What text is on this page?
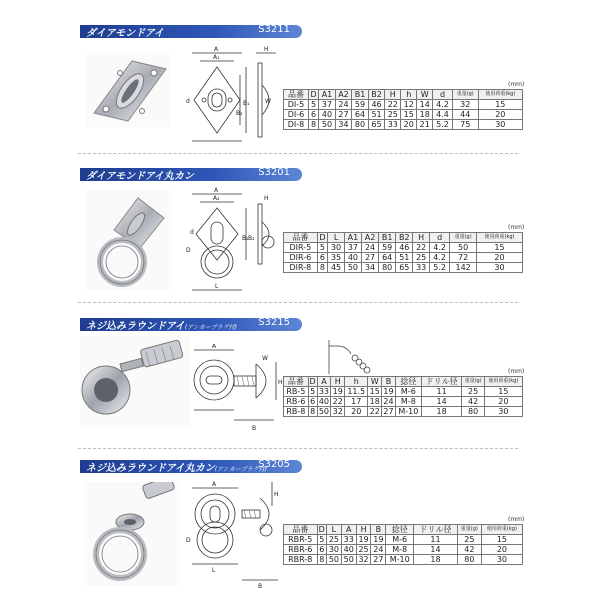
ダイアモンドアイ	S3211
A
A₁
B₁
B₂
d
H
W
(mm)
品番	D	A1	A2	B1	B2	H	h	W	d	重量(g)	使用荷重(kg)
DI-5	5	37	24	59	46	22	12	14	4.2	32	15
DI-6	6	40	27	64	51	25	15	18	4.4	44	20
DI-8	8	50	34	80	65	33	20	21	5.2	75	30
ダイアモンドアイ丸カン	S3201
A
A₂
B₁ B₂
D
L
H
d
(mm)
品番	D	L	A1	A2	B1	B2	H	d	重量(g)	使用荷重(kg)
DIR-5	5	30	37	24	59	46	22	4.2	50	15
DIR-6	6	35	40	27	64	51	25	4.2	72	20
DIR-8	8	45	50	34	80	65	33	5.2	142	30
ネジ込みラウンドアイ(アンカープラグ付) S3215
A
W
H
B
(mm)
品番	D	A	H	h	W	B	捻径	ドリル径	重量(g)	使用荷重(kg)
RB-5	5	33	19	11.5	15	19	M-6	11	25	15
RB-6	6	40	22	17	18	24	M-8	14	42	20
RB-8	8	50	32	20	22	27	M-10	18	80	30
ネジ込みラウンドアイ丸カン(アンカープラグ付)
S3205
A
H
D
L
B
(mm)
品番	D	L	A	H	B	捻径	ドリル径	重量(g)	使用荷重(kg)
RBR-5	5	25	33	19	19	M-6	11	25	15
RBR-6	6	30	40	25	24	M-8	14	42	20
RBR-8	8	50	50	32	27	M-10	18	80	30
